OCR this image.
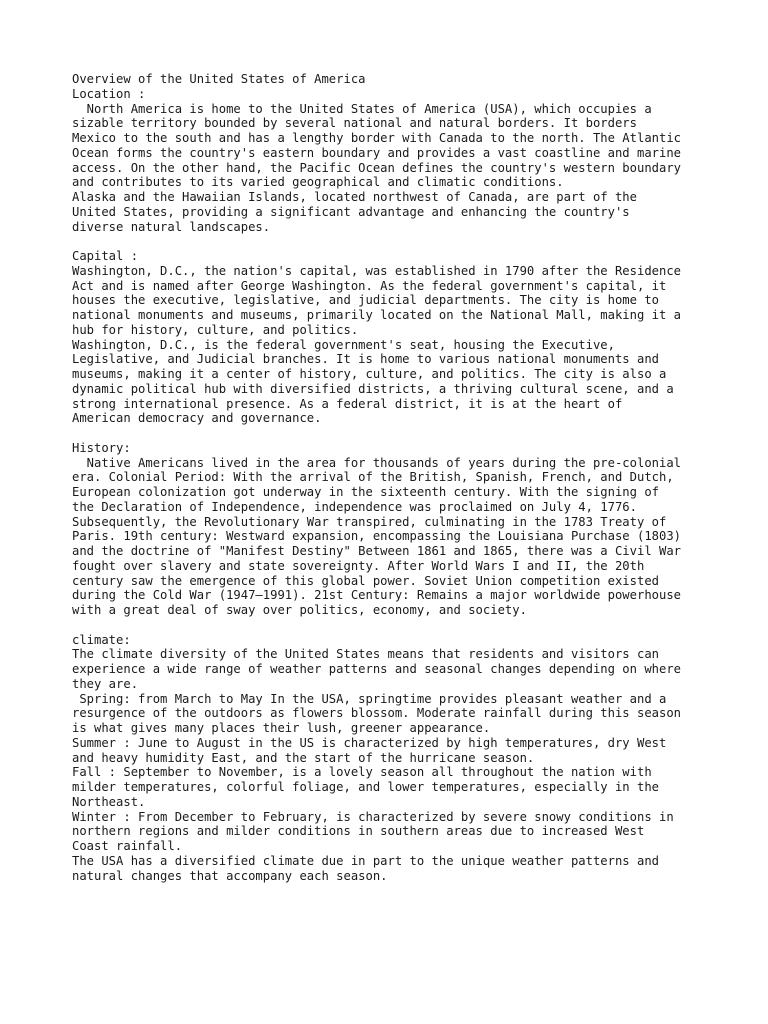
Overview of the United States of America
Location :
North America is home to the United States of America (USA), which occupies a
sizable territory bounded by several national and natural borders. It borders
Mexico to the south and has a lengthy border with Canada to the north. The Atlantic
Ocean forms the country's eastern boundary and provides a vast coastline and marine
access. On the other hand, the Pacific Ocean defines the country's western boundary
and contributes to its varied geographical and climatic conditions.
Alaska and the Hawaiian Islands, located northwest of Canada, are part of the
United States, providing a significant advantage and enhancing the country's
diverse natural landscapes.
Capital :
Washington, D.C., the nation's capital, was established in 1790 after the Residence
Act and is named after George Washington. As the federal government's capital, it
houses the executive, legislative, and judicial departments. The city is home to
national monuments and museums, primarily located on the National Mall, making it a
hub for history, culture, and politics.
Washington, D.C., is the federal government's seat, housing the Executive,
Legislative, and Judicial branches. It is home to various national monuments and
museums, making it a center of history, culture, and politics. The city is also a
dynamic political hub with diversified districts, a thriving cultural scene, and a
strong international presence. As a federal district, it is at the heart of
American democracy and governance.
History:
Native Americans lived in the area for thousands of years during the pre-colonial
era. Colonial Period: With the arrival of the British, Spanish, French, and Dutch,
European colonization got underway in the sixteenth century. With the signing of
the Declaration of Independence, independence was proclaimed on July 4, 1776.
Subsequently, the Revolutionary War transpired, culminating in the 1783 Treaty of
Paris. 19th century: Westward expansion, encompassing the Louisiana Purchase (1803)
and the doctrine of "Manifest Destiny" Between 1861 and 1865, there was a Civil War
fought over slavery and state sovereignty. After World Wars I and II, the 20th
century saw the emergence of this global power. Soviet Union competition existed
during the Cold War (1947–1991). 21st Century: Remains a major worldwide powerhouse
with a great deal of sway over politics, economy, and society.
climate:
The climate diversity of the United States means that residents and visitors can
experience a wide range of weather patterns and seasonal changes depending on where
they are.
Spring: from March to May In the USA, springtime provides pleasant weather and a
resurgence of the outdoors as flowers blossom. Moderate rainfall during this season
is what gives many places their lush, greener appearance.
Summer : June to August in the US is characterized by high temperatures, dry West
and heavy humidity East, and the start of the hurricane season.
Fall : September to November, is a lovely season all throughout the nation with
milder temperatures, colorful foliage, and lower temperatures, especially in the
Northeast.
Winter : From December to February, is characterized by severe snowy conditions in
northern regions and milder conditions in southern areas due to increased West
Coast rainfall.
The USA has a diversified climate due in part to the unique weather patterns and
natural changes that accompany each season.
